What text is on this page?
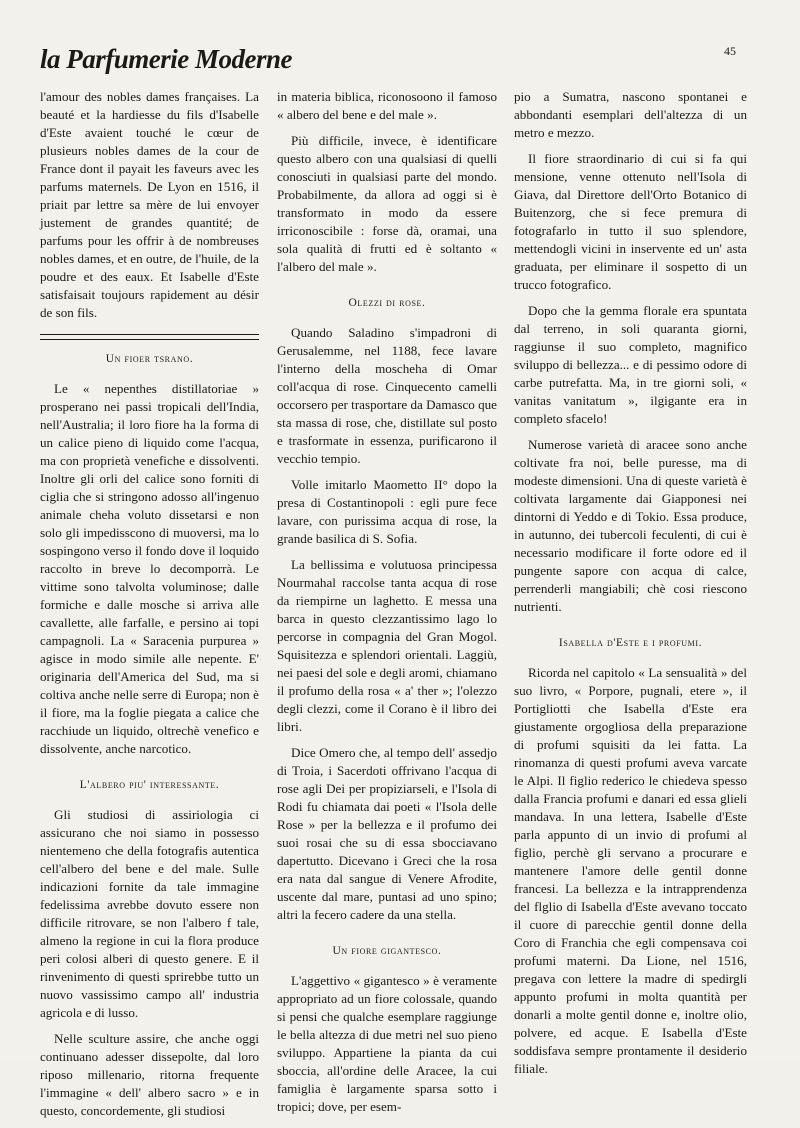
la Parfumerie Moderne	45

l'amour des nobles dames françaises. La beauté et la hardiesse du fils d'Isabelle d'Este avaient touché le cœur de plusieurs nobles dames de la cour de France dont il payait les faveurs avec les parfums maternels. De Lyon en 1516, il priait par lettre sa mère de lui envoyer justement de grandes quantité; de parfums pour les offrir à de nombreuses nobles dames, et en outre, de l'huile, de la poudre et des eaux. Et Isabelle d'Este satisfaisait toujours rapidement au désir de son fils.

Un fioer tsrano.

Le « nepenthes distillatoriae » prosperano nei passi tropicali dell'India, nell'Australia; il loro fiore ha la forma di un calice pieno di liquido come l'acqua, ma con proprietà venefiche e dissolventi. Inoltre gli orli del calice sono forniti di ciglia che si stringono adosso all'ingenuo animale cheha voluto dissetarsi e non solo gli impedisscono di muoversi, ma lo sospingono verso il fondo dove il loquido raccolto in breve lo decomporrà. Le vittime sono talvolta voluminose; dalle formiche e dalle mosche si arriva alle cavallette, alle farfalle, e persino ai topi campagnoli. La « Saracenia purpurea » agisce in modo simile alle nepente. E' originaria dell'America del Sud, ma si coltiva anche nelle serre di Europa; non è il fiore, ma la foglie piegata a calice che racchiude un liquido, oltrechè venefico e dissolvente, anche narcotico.

L'albero piu' interessante.

Gli studiosi di assiriologia ci assicurano che noi siamo in possesso nientemeno che della fotografis autentica cell'albero del bene e del male. Sulle indicazioni fornite da tale immagine fedelissima avrebbe dovuto essere non difficile ritrovare, se non l'albero f tale, almeno la regione in cui la flora produce peri colosi alberi di questo genere. E il rinvenimento di questi sprirebbe tutto un nuovo vassissimo campo all' industria agricola e di lusso.

Nelle sculture assire, che anche oggi continuano adesser dissepolte, dal loro riposo millenario, ritorna frequente l'immagine « dell' albero sacro » e in questo, concordemente, gli studiosi

in materia biblica, riconosoono il famoso « albero del bene e del male ».

Più difficile, invece, è identificare questo albero con una qualsiasi di quelli conosciuti in qualsiasi parte del mondo. Probabilmente, da allora ad oggi si è transformato in modo da essere irriconoscibile : forse dà, oramai, una sola qualità di frutti ed è soltanto « l'albero del male ».

Olezzi di rose.

Quando Saladino s'impadroni di Gerusalemme, nel 1188, fece lavare l'interno della moscheha di Omar coll'acqua di rose. Cinquecento camelli occorsero per trasportare da Damasco que sta massa di rose, che, distillate sul posto e trasformate in essenza, purificarono il vecchio tempio.

Volle imitarlo Maometto II° dopo la presa di Costantinopoli : egli pure fece lavare, con purissima acqua di rose, la grande basilica di S. Sofia.

La bellissima e volutuosa principessa Nourmahal raccolse tanta acqua di rose da riempirne un laghetto. E messa una barca in questo clezzantissimo lago lo percorse in compagnia del Gran Mogol. Squisitezza e splendori orientali. Laggiù, nei paesi del sole e degli aromi, chiamano il profumo della rosa « a' ther »; l'olezzo degli clezzi, come il Corano è il libro dei libri.

Dice Omero che, al tempo dell' assedjo di Troia, i Sacerdoti offrivano l'acqua di rose agli Dei per propiziarseli, e l'Isola di Rodi fu chiamata dai poeti « l'Isola delle Rose » per la bellezza e il profumo dei suoi rosai che su di essa sbocciavano dapertutto. Dicevano i Greci che la rosa era nata dal sangue di Venere Afrodite, uscente dal mare, puntasi ad uno spino; altri la fecero cadere da una stella.

Un fiore gigantesco.

L'aggettivo « gigantesco » è veramente appropriato ad un fiore colossale, quando si pensi che qualche esemplare raggiunge le bella altezza di due metri nel suo pieno sviluppo. Appartiene la pianta da cui sboccia, all'ordine delle Aracee, la cui famiglia è largamente sparsa sotto i tropici; dove, per esem-

pio a Sumatra, nascono spontanei e abbondanti esemplari dell'altezza di un metro e mezzo.

Il fiore straordinario di cui si fa qui mensione, venne ottenuto nell'Isola di Giava, dal Direttore dell'Orto Botanico di Buitenzorg, che si fece premura di fotografarlo in tutto il suo splendore, mettendogli vicini in inservente ed un' asta graduata, per eliminare il sospetto di un trucco fotografico.

Dopo che la gemma florale era spuntata dal terreno, in soli quaranta giorni, raggiunse il suo completo, magnifico sviluppo di bellezza... e di pessimo odore di carbe putrefatta. Ma, in tre giorni soli, « vanitas vanitatum », ilgigante era in completo sfacelo!

Numerose varietà di aracee sono anche coltivate fra noi, belle puresse, ma di modeste dimensioni. Una di queste varietà è coltivata largamente dai Giapponesi nei dintorni di Yeddo e di Tokio. Essa produce, in autunno, dei tubercoli feculenti, di cui è necessario modificare il forte odore ed il pungente sapore con acqua di calce, perrenderli mangiabili; chè cosi riescono nutrienti.

Isabella d'Este e i profumi.

Ricorda nel capitolo « La sensualità » del suo livro, « Porpore, pugnali, etere », il Portigliotti che Isabella d'Este era giustamente orgogliosa della preparazione di profumi squisiti da lei fatta. La rinomanza di questi profumi aveva varcate le Alpi. Il figlio rederico le chiedeva spesso dalla Francia profumi e danari ed essa glieli mandava. In una lettera, Isabelle d'Este parla appunto di un invio di profumi al figlio, perchè gli servano a procurare e mantenere l'amore delle gentil donne francesi. La bellezza e la intrapprendenza del flglio di Isabella d'Este avevano toccato il cuore di parecchie gentil donne della Coro di Franchia che egli compensava coi profumi materni. Da Lione, nel 1516, pregava con lettere la madre di spedirgli appunto profumi in molta quantità per donarli a molte gentil donne e, inoltre olio, polvere, ed acque. E Isabella d'Este soddisfava sempre prontamente il desiderio filiale.
